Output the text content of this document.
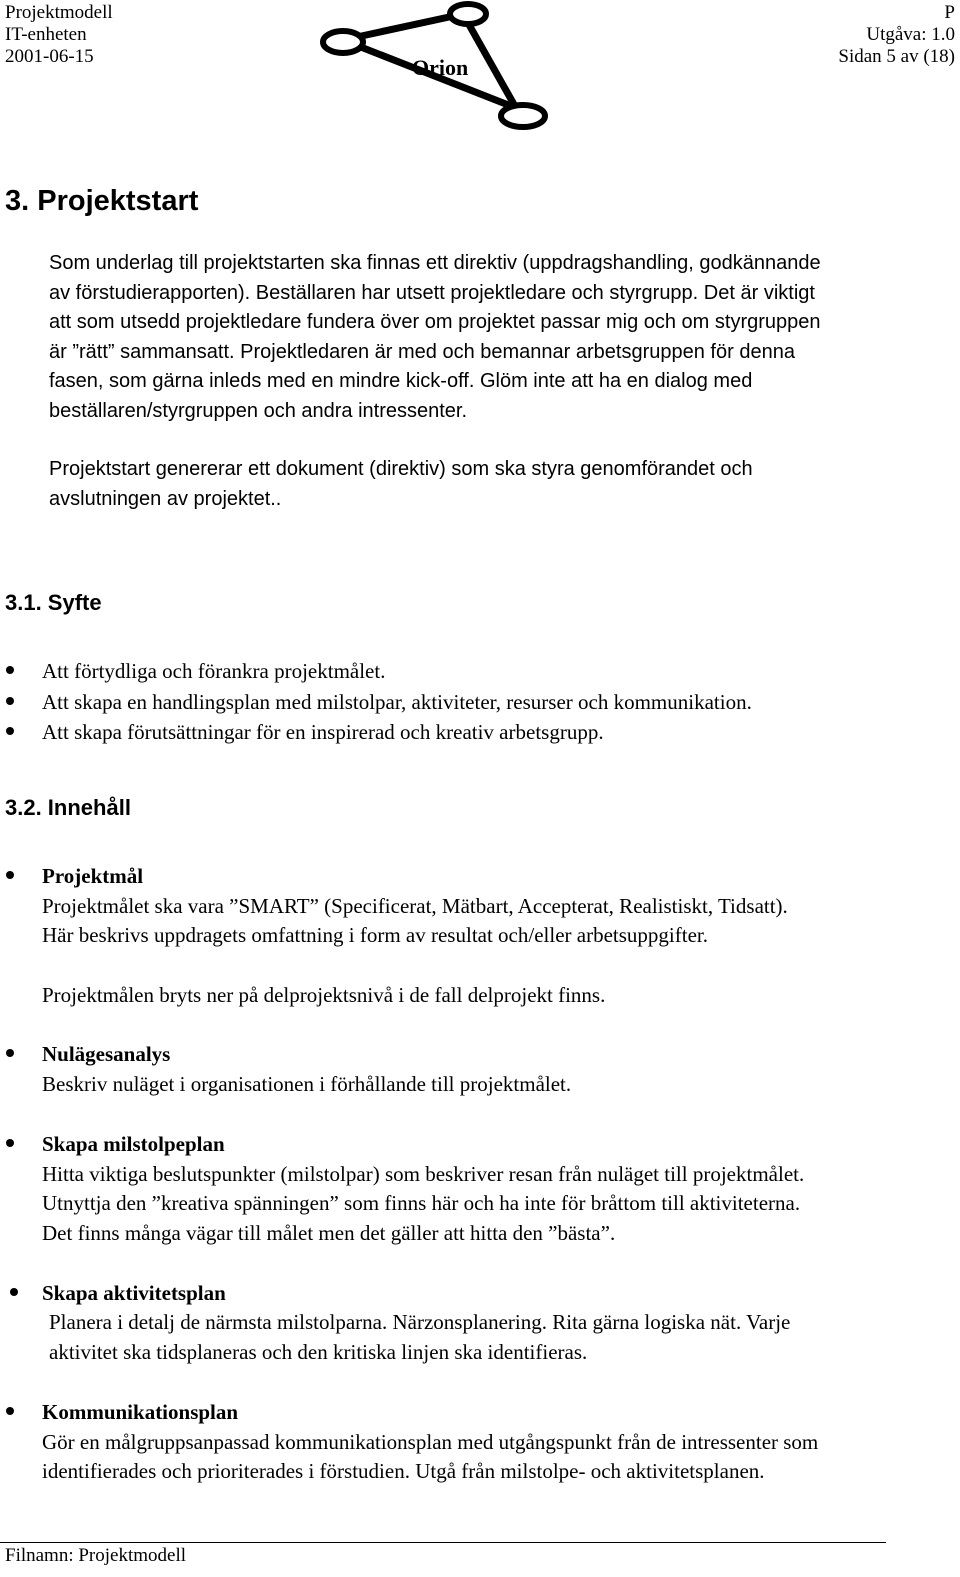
Projektmodell
IT-enheten
2001-06-15
P
Utgåva: 1.0
Sidan 5 av (18)
Orion
3. Projektstart

Som underlag till projektstarten ska finnas ett direktiv (uppdragshandling, godkännande

av förstudierapporten). Beställaren har utsett projektledare och styrgrupp. Det är viktigt

att som utsedd projektledare fundera över om projektet passar mig och om styrgruppen

är ”rätt” sammansatt. Projektledaren är med och bemannar arbetsgruppen för denna

fasen, som gärna inleds med en mindre kick-off. Glöm inte att ha en dialog med

beställaren/styrgruppen och andra intressenter.

Projektstart genererar ett dokument (direktiv) som ska styra genomförandet och

avslutningen av projektet..

3.1. Syfte
Att förtydliga och förankra projektmålet.
Att skapa en handlingsplan med milstolpar, aktiviteter, resurser och kommunikation.
Att skapa förutsättningar för en inspirerad och kreativ arbetsgrupp.
3.2. Innehåll

Projektmål

Projektmålet ska vara ”SMART” (Specificerat, Mätbart, Accepterat, Realistiskt, Tidsatt).

Här beskrivs uppdragets omfattning i form av resultat och/eller arbetsuppgifter.

Projektmålen bryts ner på delprojektsnivå i de fall delprojekt finns.

Nulägesanalys

Beskriv nuläget i organisationen i förhållande till projektmålet.

Skapa milstolpeplan

Hitta viktiga beslutspunkter (milstolpar) som beskriver resan från nuläget till projektmålet.

Utnyttja den ”kreativa spänningen” som finns här och ha inte för bråttom till aktiviteterna.

Det finns många vägar till målet men det gäller att hitta den ”bästa”.

Skapa aktivitetsplan

Planera i detalj de närmsta milstolparna. Närzonsplanering. Rita gärna logiska nät. Varje

aktivitet ska tidsplaneras och den kritiska linjen ska identifieras.

Kommunikationsplan

Gör en målgruppsanpassad kommunikationsplan med utgångspunkt från de intressenter som

identifierades och prioriterades i förstudien. Utgå från milstolpe- och aktivitetsplanen.

Filnamn: Projektmodell
